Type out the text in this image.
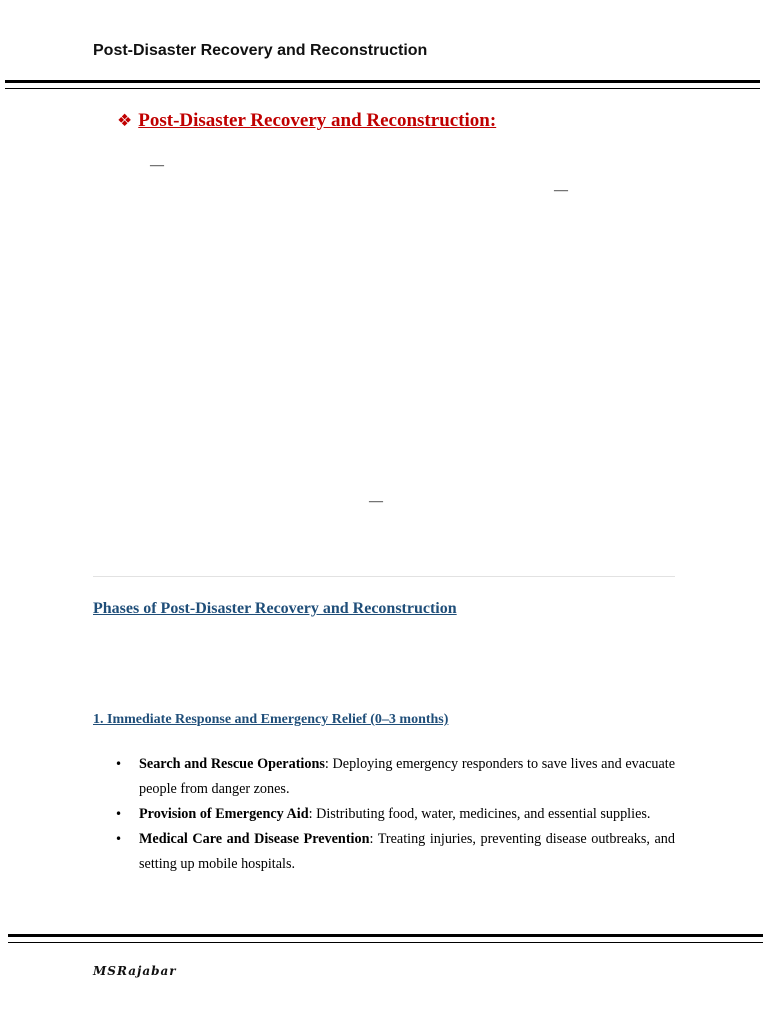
Post-Disaster Recovery and Reconstruction
❖ Post-Disaster Recovery and Reconstruction:
—
—
—
Phases of Post-Disaster Recovery and Reconstruction
1. Immediate Response and Emergency Relief (0–3 months)
• Search and Rescue Operations: Deploying emergency responders to save lives and evacuate people from danger zones.
• Provision of Emergency Aid: Distributing food, water, medicines, and essential supplies.
• Medical Care and Disease Prevention: Treating injuries, preventing disease outbreaks, and setting up mobile hospitals.
MSRajabar
